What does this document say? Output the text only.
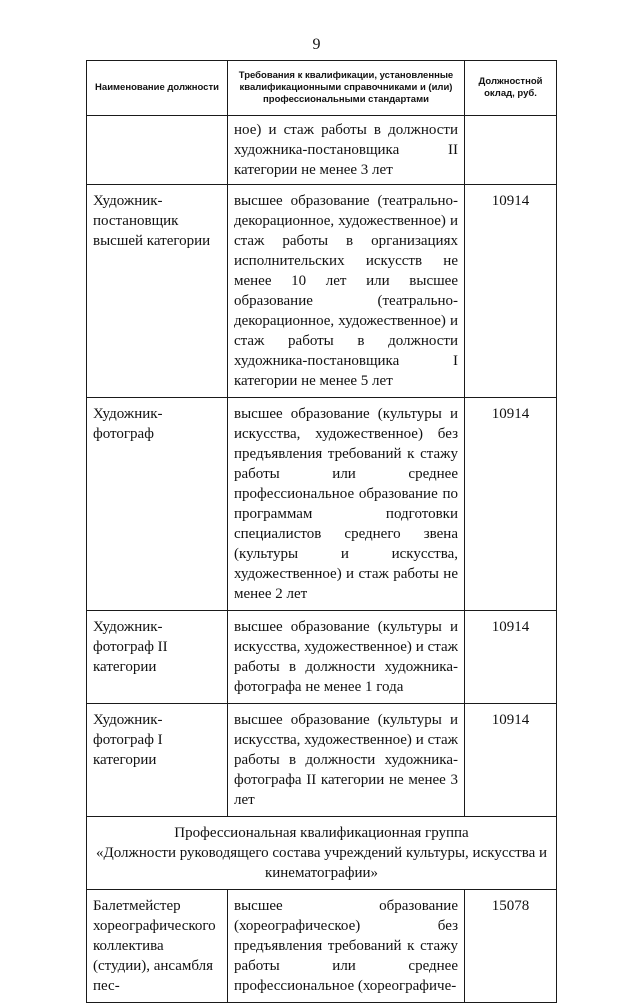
9
Наименование должности	Требования к квалификации, установленные квалификационными справочниками и (или) профессиональными стандартами	Должностной оклад, руб.
	ное) и стаж работы в должности художника-постановщика II категории не менее 3 лет	
Художник-постановщик высшей категории	высшее образование (театрально-декорационное, художественное) и стаж работы в организациях исполнительских искусств не менее 10 лет или высшее образование (театрально-декорационное, художественное) и стаж работы в должности художника-постановщика I категории не менее 5 лет	10914
Художник-фотограф	высшее образование (культуры и искусства, художественное) без предъявления требований к стажу работы или среднее профессиональное образование по программам подготовки специалистов среднего звена (культуры и искусства, художественное) и стаж работы не менее 2 лет	10914
Художник-фотограф II категории	высшее образование (культуры и искусства, художественное) и стаж работы в должности художника-фотографа не менее 1 года	10914
Художник-фотограф I категории	высшее образование (культуры и искусства, художественное) и стаж работы в должности художника-фотографа II категории не менее 3 лет	10914

Профессиональная квалификационная группа
«Должности руководящего состава учреждений культуры, искусства и кинематографии»		

Балетмейстер хореографического коллектива (студии), ансамбля пес-	высшее образование (хореографическое) без предъявления требований к стажу работы или среднее профессиональное (хореографиче-	15078
